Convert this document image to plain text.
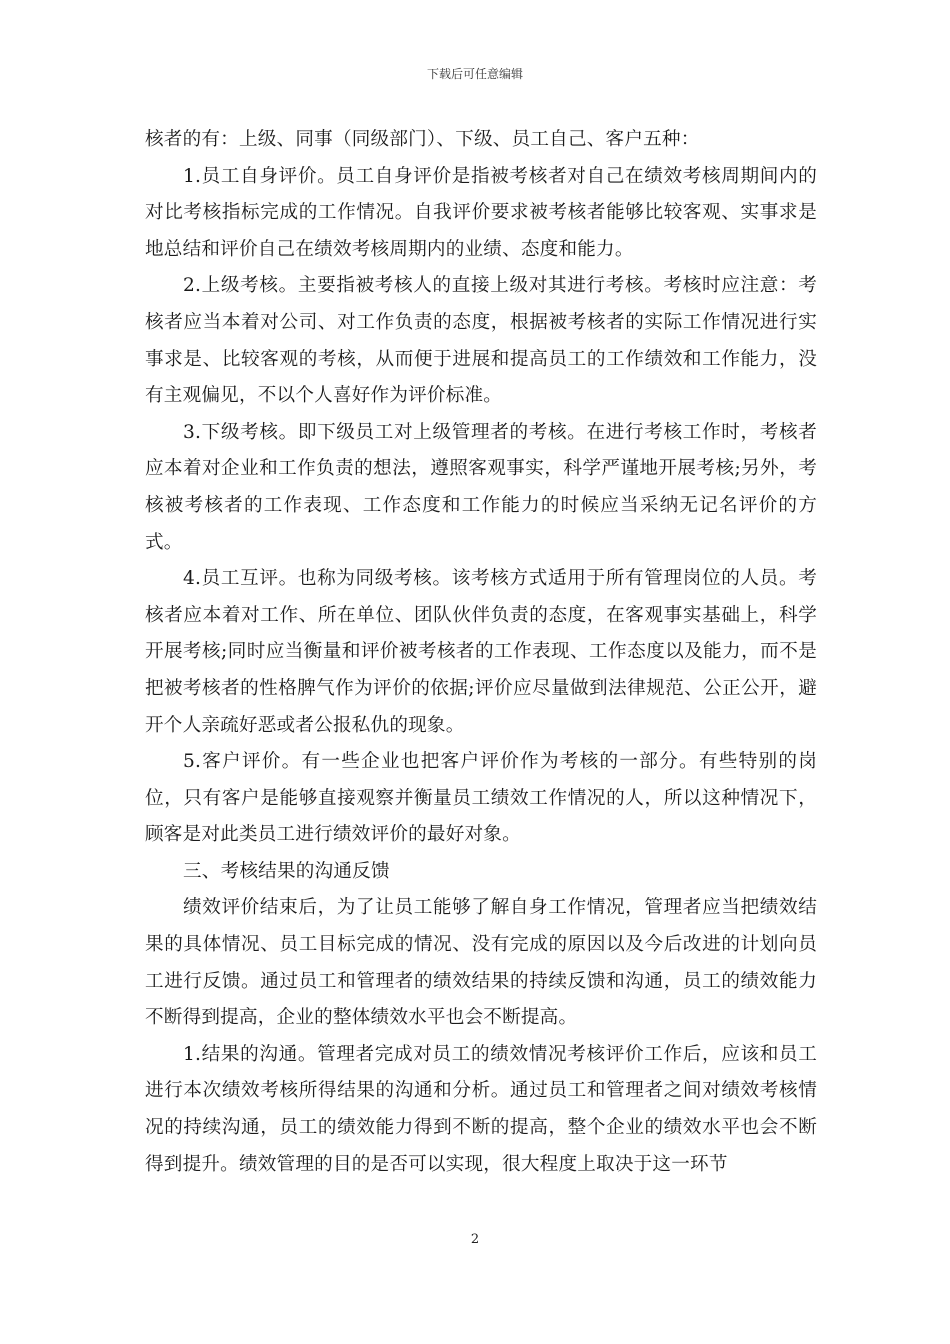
下载后可任意编辑

核者的有：上级、同事（同级部门）、下级、员工自己、客户五种：

1.员工自身评价。员工自身评价是指被考核者对自己在绩效考核周期间内的对比考核指标完成的工作情况。自我评价要求被考核者能够比较客观、实事求是地总结和评价自己在绩效考核周期内的业绩、态度和能力。

2.上级考核。主要指被考核人的直接上级对其进行考核。考核时应注意：考核者应当本着对公司、对工作负责的态度，根据被考核者的实际工作情况进行实事求是、比较客观的考核，从而便于进展和提高员工的工作绩效和工作能力，没有主观偏见，不以个人喜好作为评价标准。

3.下级考核。即下级员工对上级管理者的考核。在进行考核工作时，考核者应本着对企业和工作负责的想法，遵照客观事实，科学严谨地开展考核;另外，考核被考核者的工作表现、工作态度和工作能力的时候应当采纳无记名评价的方式。

4.员工互评。也称为同级考核。该考核方式适用于所有管理岗位的人员。考核者应本着对工作、所在单位、团队伙伴负责的态度，在客观事实基础上，科学开展考核;同时应当衡量和评价被考核者的工作表现、工作态度以及能力，而不是把被考核者的性格脾气作为评价的依据;评价应尽量做到法律规范、公正公开，避开个人亲疏好恶或者公报私仇的现象。

5.客户评价。有一些企业也把客户评价作为考核的一部分。有些特别的岗位，只有客户是能够直接观察并衡量员工绩效工作情况的人，所以这种情况下，顾客是对此类员工进行绩效评价的最好对象。

三、考核结果的沟通反馈

绩效评价结束后，为了让员工能够了解自身工作情况，管理者应当把绩效结果的具体情况、员工目标完成的情况、没有完成的原因以及今后改进的计划向员工进行反馈。通过员工和管理者的绩效结果的持续反馈和沟通，员工的绩效能力不断得到提高，企业的整体绩效水平也会不断提高。

1.结果的沟通。管理者完成对员工的绩效情况考核评价工作后，应该和员工进行本次绩效考核所得结果的沟通和分析。通过员工和管理者之间对绩效考核情况的持续沟通，员工的绩效能力得到不断的提高，整个企业的绩效水平也会不断得到提升。绩效管理的目的是否可以实现，很大程度上取决于这一环节

2
